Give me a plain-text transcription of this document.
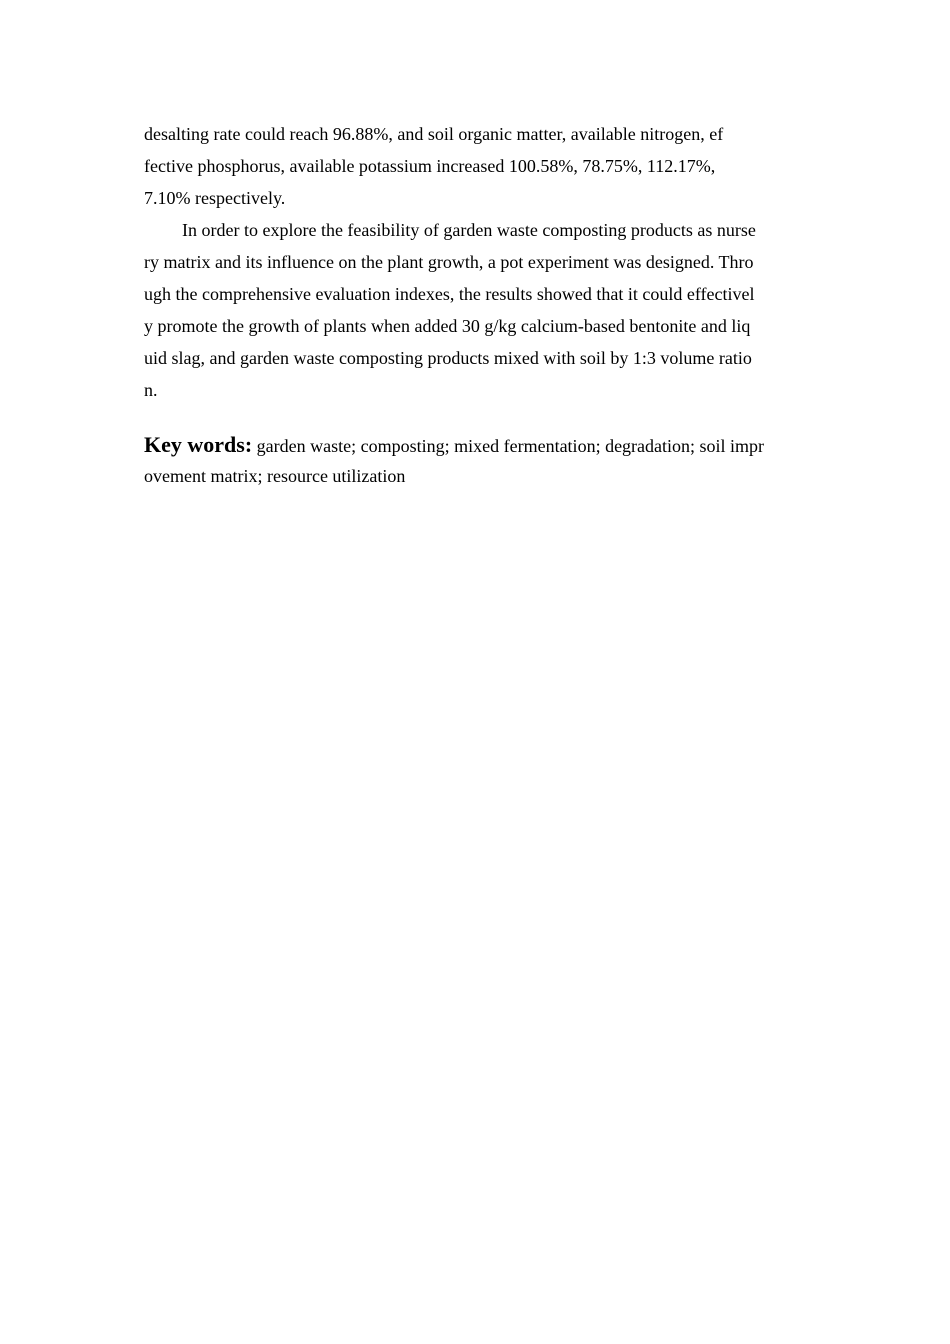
desalting rate could reach 96.88%, and soil organic matter, available nitrogen, ef
fective phosphorus, available potassium increased 100.58%, 78.75%, 112.17%,
7.10% respectively.
In order to explore the feasibility of garden waste composting products as nurse
ry matrix and its influence on the plant growth, a pot experiment was designed. Thro
ugh the comprehensive evaluation indexes, the results showed that it could effectivel
y promote the growth of plants when added 30 g/kg calcium-based bentonite and liq
uid slag, and garden waste composting products mixed with soil by 1:3 volume ratio
n.
Key words: garden waste; composting; mixed fermentation; degradation; soil impr
ovement matrix; resource utilization
